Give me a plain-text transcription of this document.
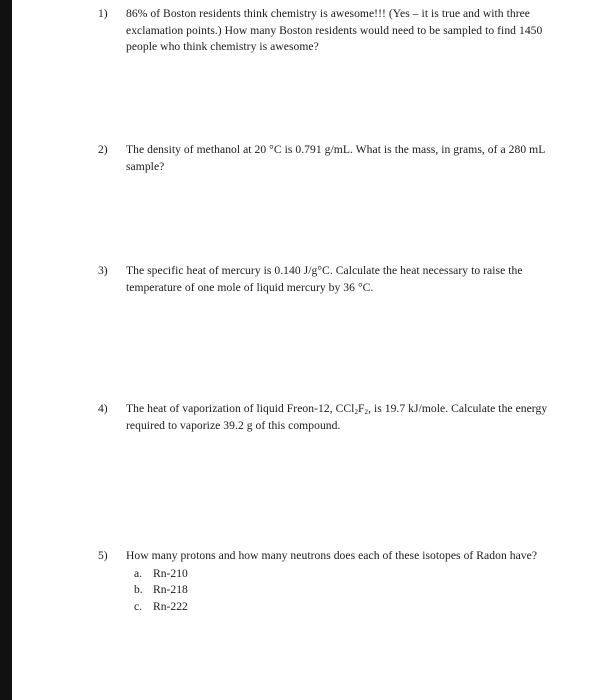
1)	86% of Boston residents think chemistry is awesome!!! (Yes – it is true and with three exclamation points.) How many Boston residents would need to be sampled to find 1450 people who think chemistry is awesome?
2)	The density of methanol at 20 °C is 0.791 g/mL. What is the mass, in grams, of a 280 mL sample?
3)	The specific heat of mercury is 0.140 J/g°C. Calculate the heat necessary to raise the temperature of one mole of liquid mercury by 36 °C.
4)	The heat of vaporization of liquid Freon-12, $CCl_2F_2$, is 19.7 kJ/mole. Calculate the energy required to vaporize 39.2 g of this compound.
5)	How many protons and how many neutrons does each of these isotopes of Radon have?
a. Rn-210
b. Rn-218
c. Rn-222
